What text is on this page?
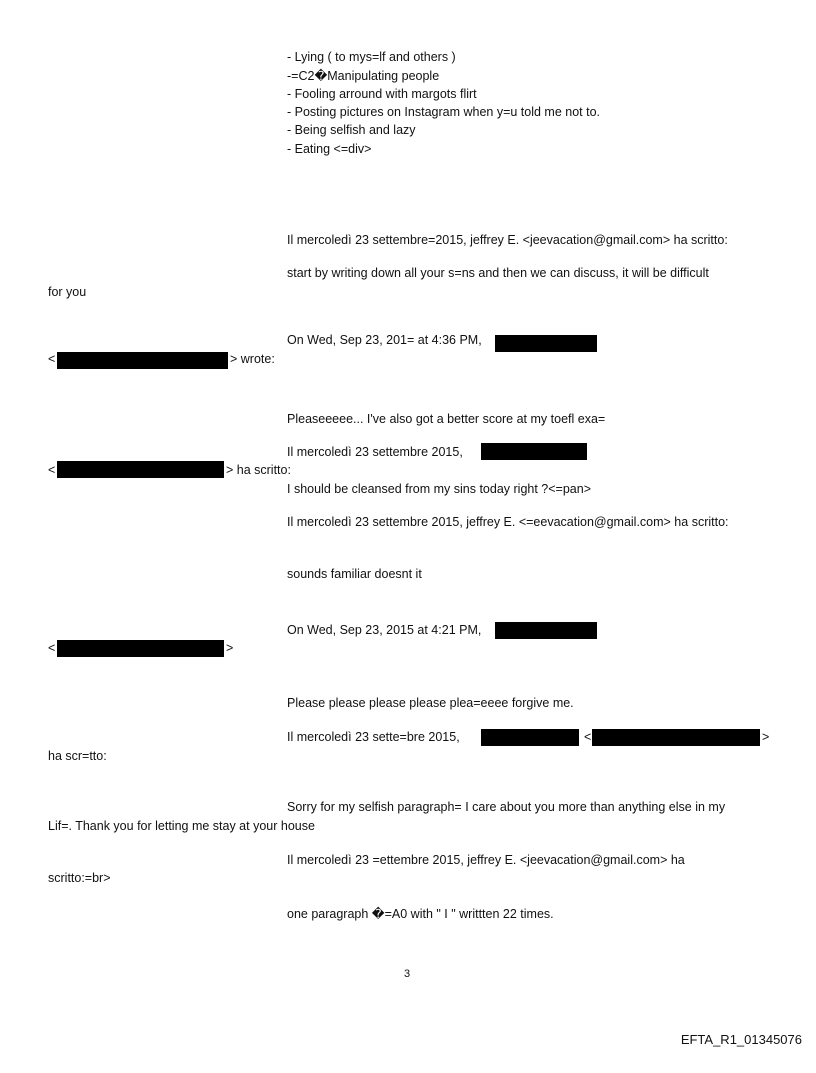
- Lying ( to mys=lf and others )
-=C2�Manipulating people
- Fooling arround with margots flirt
- Posting pictures on Instagram when y=u told me not to.
- Being selfish and lazy
- Eating <=div>
Il mercoledì 23 settembre=2015, jeffrey E. <jeevacation@gmail.com> ha scritto:
start by writing down all your s=ns and then we can discuss, it will be difficult
for you
On Wed, Sep 23, 201= at 4:36 PM,
<	> wrote:
Pleaseeeee... I've also got a better score at my toefl exa=
Il mercoledì 23 settembre 2015,
<	> ha scritto:
I should be cleansed from my sins today right ?<=pan>
Il mercoledì 23 settembre 2015, jeffrey E. <=eevacation@gmail.com> ha scritto:
sounds familiar doesnt it
On Wed, Sep 23, 2015 at 4:21 PM,
<	>
Please please please please plea=eeee forgive me.
Il mercoledì 23 sette=bre 2015,	<	>
ha scr=tto:
Sorry for my selfish paragraph= I care about you more than anything else in my
Lif=. Thank you for letting me stay at your house
Il mercoledì 23 =ettembre 2015, jeffrey E. <jeevacation@gmail.com> ha
scritto:=br>
one paragraph �=A0 with " I " writtten 22 times.
3
EFTA_R1_01345076
